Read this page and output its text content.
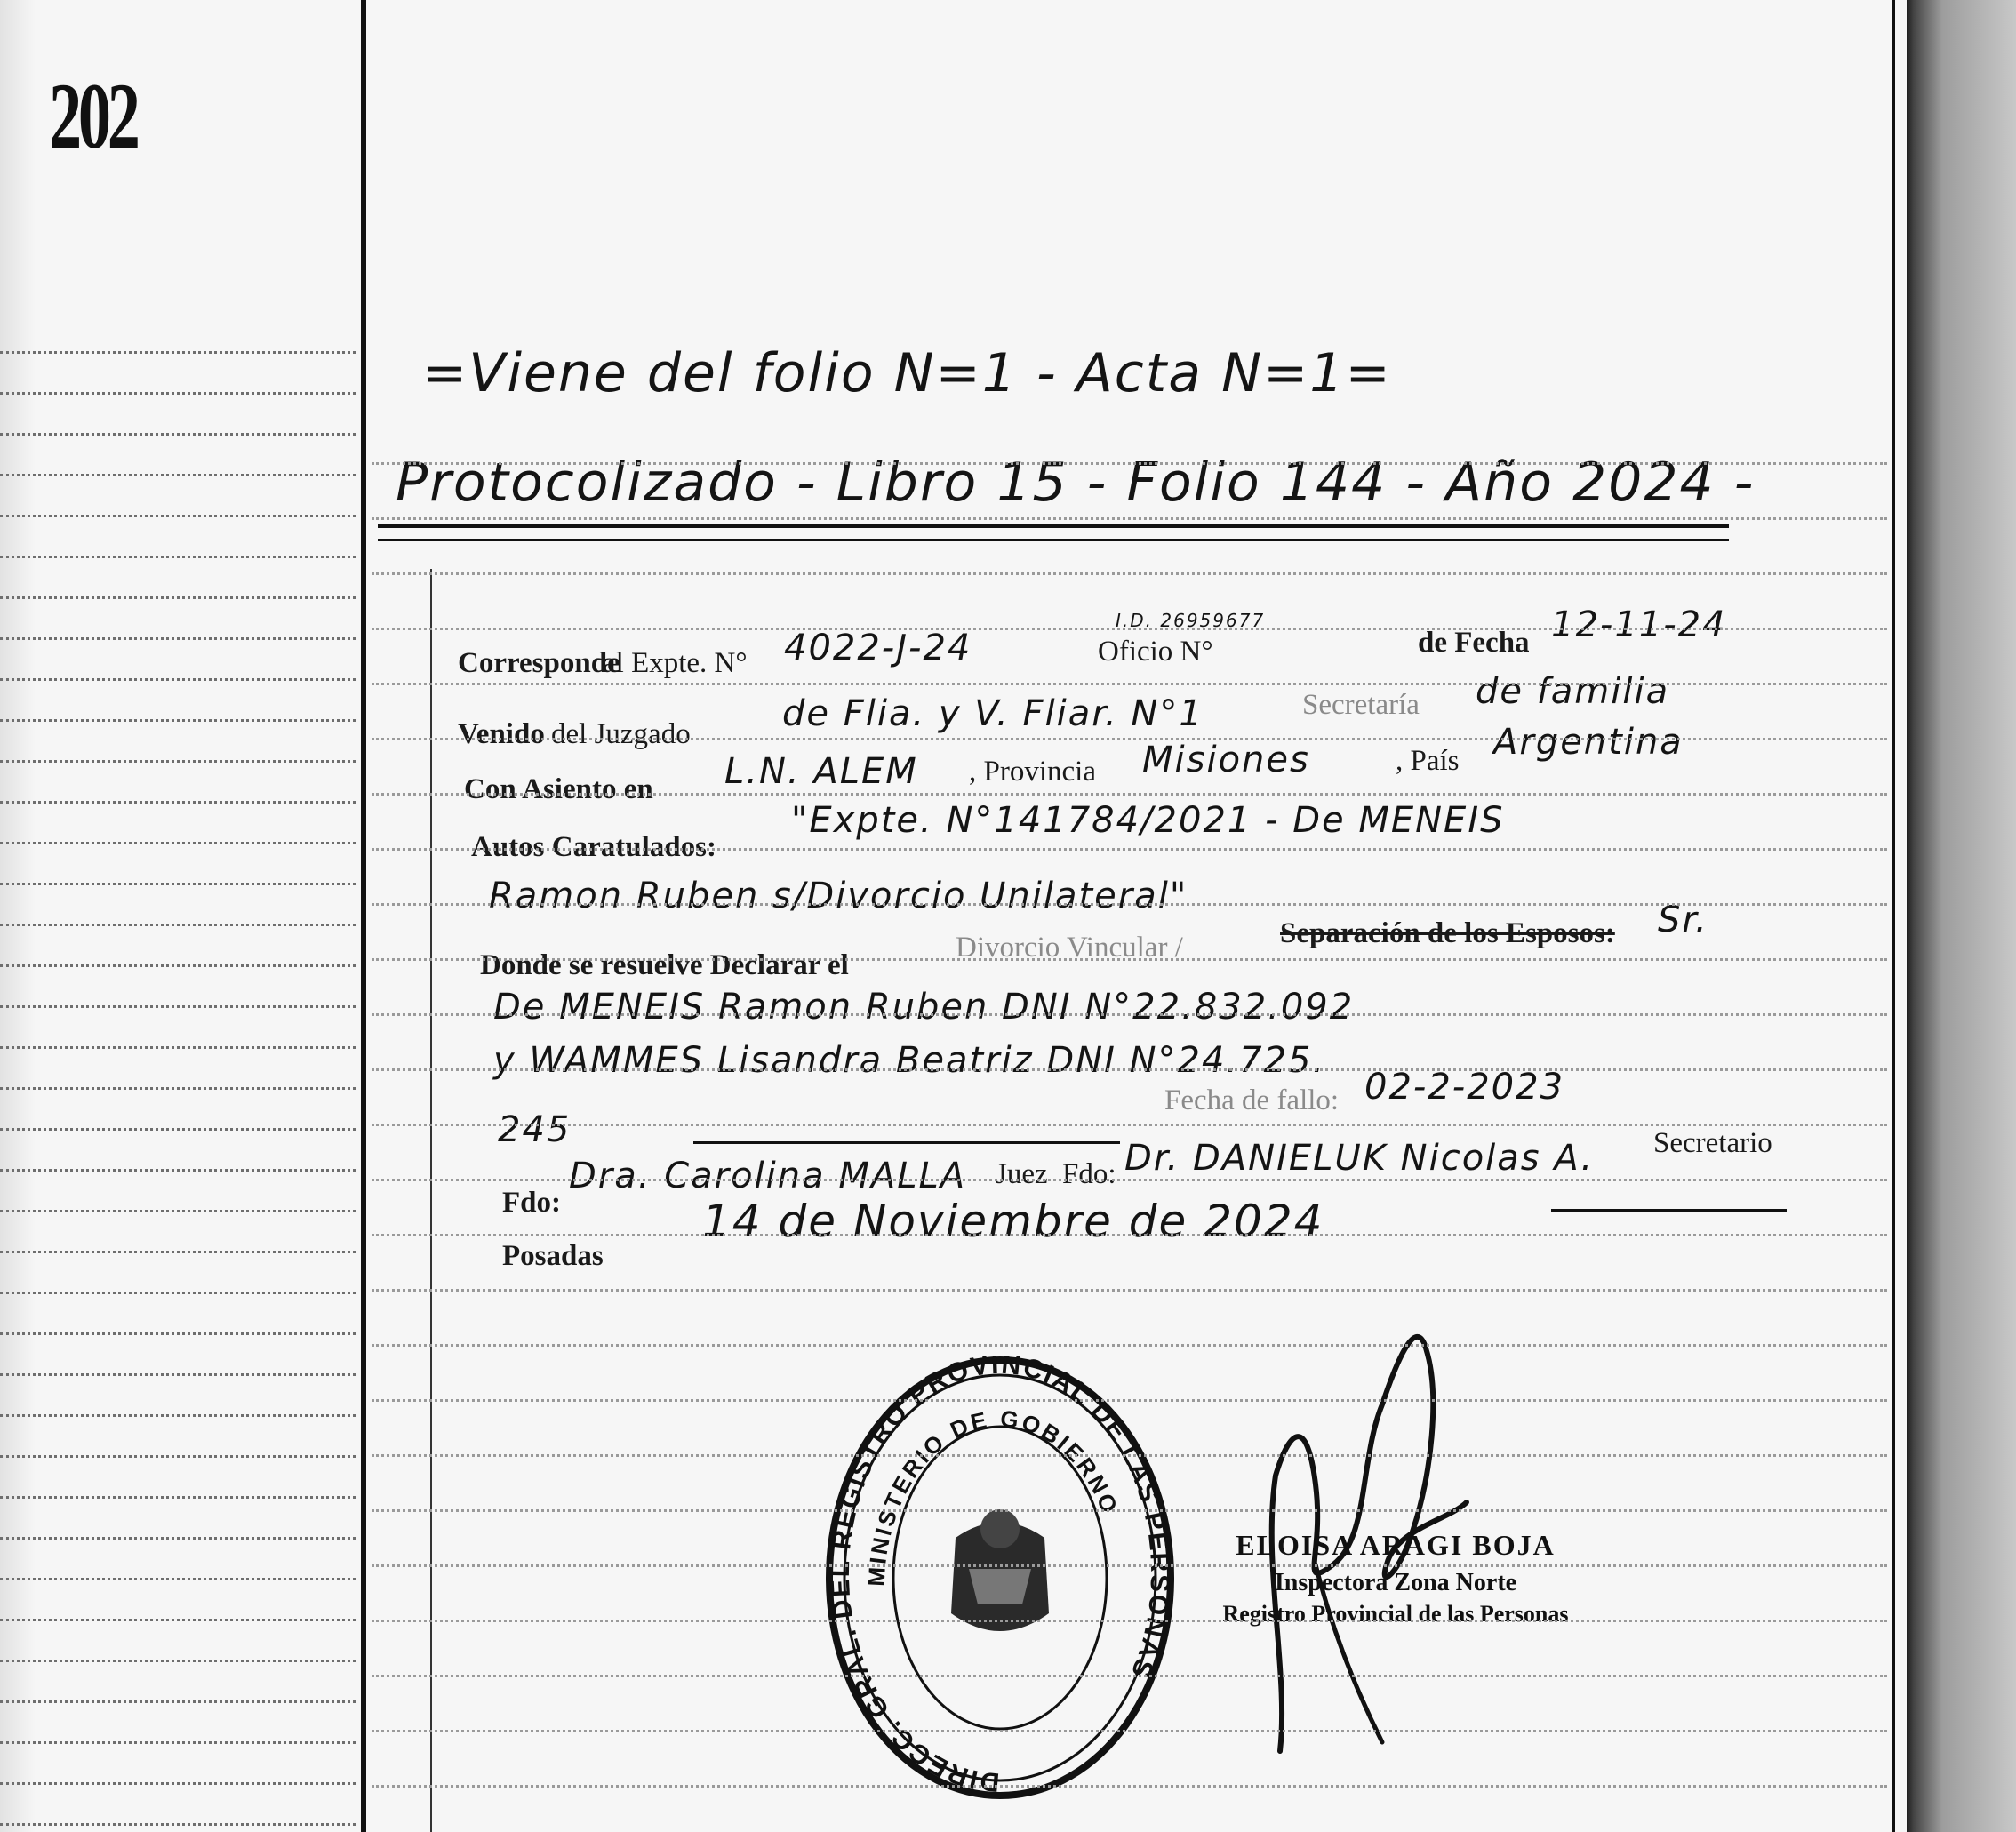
202
=Viene del folio N=1 - Acta N=1=
Protocolizado - Libro 15 - Folio 144 - Año 2024 -
Corresponde
al Expte. N° 4022-J-24
I.D. 26959677
Oficio N°	de Fecha 12-11-24
Venido del Juzgado	de Flia. y V. Fliar. N°1	Secretaría de familia
Con Asiento en L.N. ALEM , Provincia Misiones	, País Argentina
Autos Caratulados:
"Expte. N°141784/2021 - De MENEIS
Ramon Ruben s/Divorcio Unilateral"
Donde se resuelve Declarar el
Divorcio Vincular /	Separación de los Esposos: Sr.
De MENEIS Ramon Ruben DNI N°22.832.092
y WAMMES Lisandra Beatriz DNI N°24.725.
245
Fecha de fallo: 02-2-2023
Fdo:
Dra. Carolina MALLA Juez Fdo: Dr. DANIELUK Nicolas A. Secretario
Posadas
14 de Noviembre de 2024
DIRECC. GRAL. DEL REGISTRO PROVINCIAL DE LAS PERSONAS
MINISTERIO DE GOBIERNO
ELOISA ARAGI BOJA
Inspectora Zona Norte
Registro Provincial de las Personas
